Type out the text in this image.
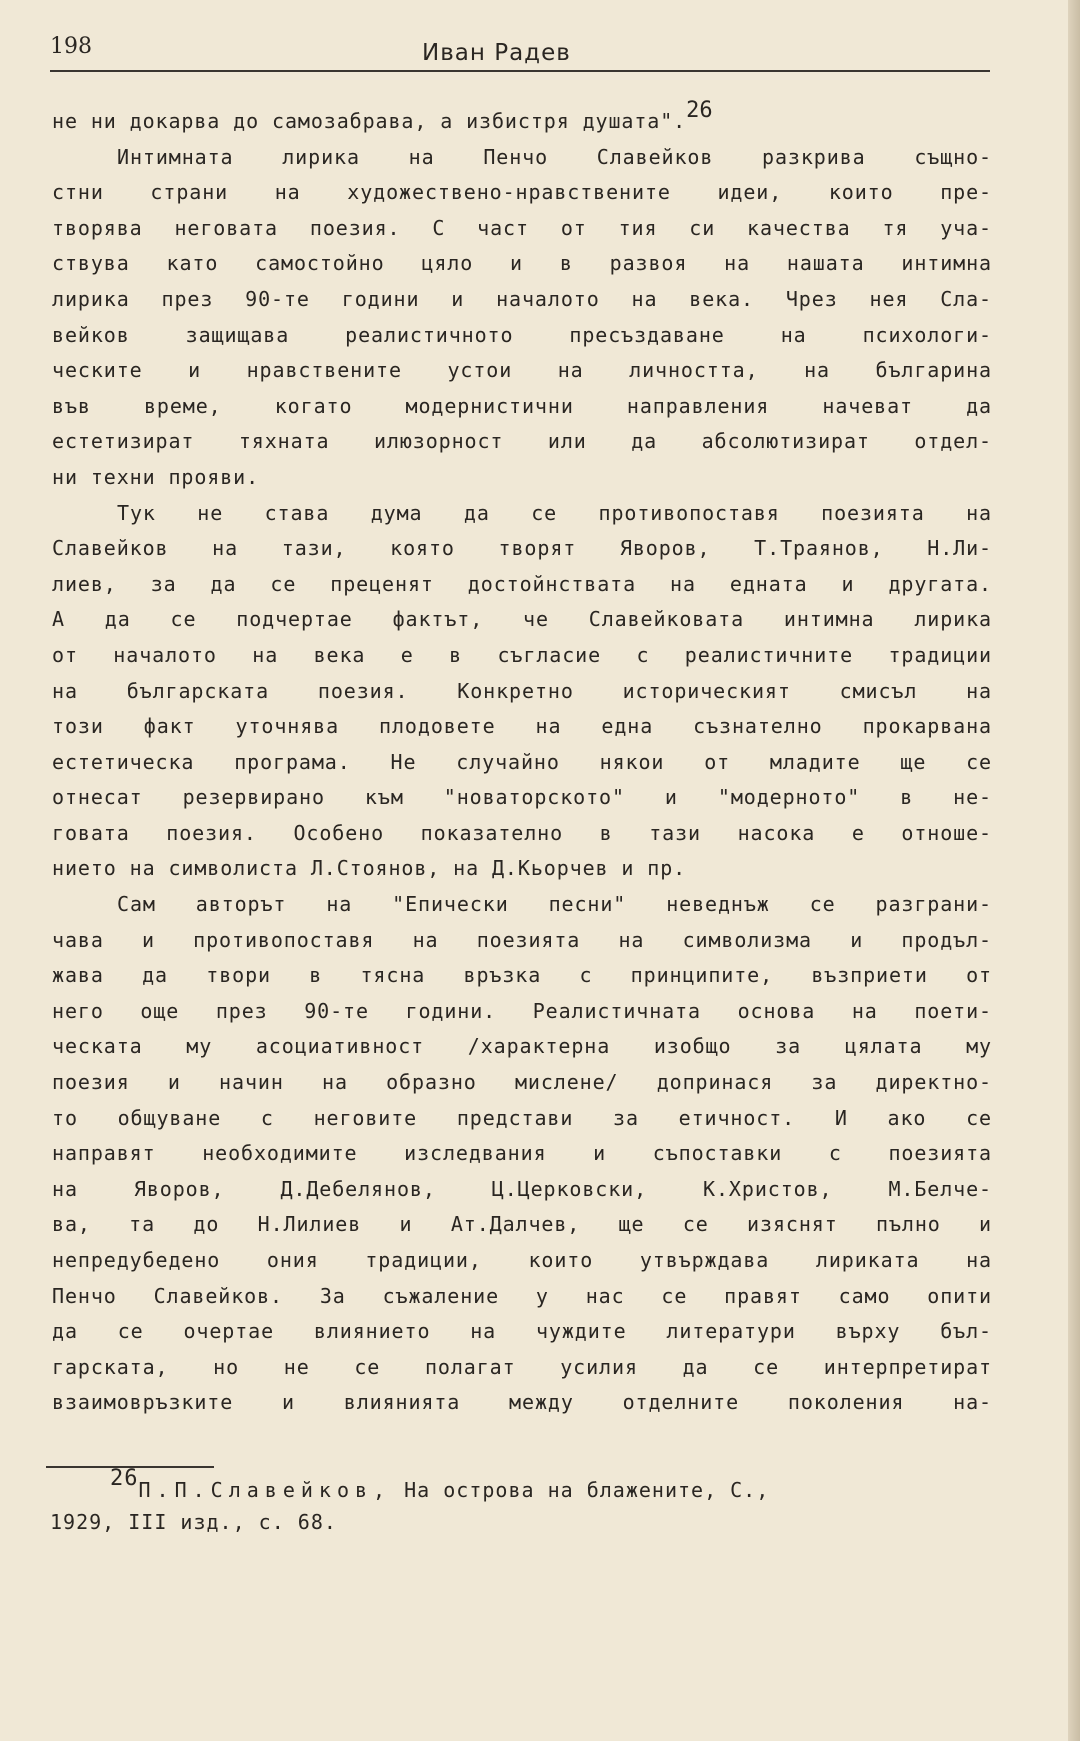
198	Иван Радев
не ни докарва до самозабрава, а избистря душата".26
Интимната лирика на Пенчо Славейков разкрива същно-
стни страни на художествено-нравствените идеи, които пре-
творява неговата поезия. С част от тия си качества тя уча-
ствува като самостойно цяло и в развоя на нашата интимна
лирика през 90-те години и началото на века. Чрез нея Сла-
вейков защищава реалистичното пресъздаване на психологи-
ческите и нравствените устои на личността, на българина
във време, когато модернистични направления начеват да
естетизират тяхната илюзорност или да абсолютизират отдел-
ни техни прояви.
Тук не става дума да се противопоставя поезията на
Славейков на тази, която творят Яворов, Т.Траянов, Н.Ли-
лиев, за да се преценят достойнствата на едната и другата.
А да се подчертае фактът, че Славейковата интимна лирика
от началото на века е в съгласие с реалистичните традиции
на българската поезия. Конкретно историческият смисъл на
този факт уточнява плодовете на една съзнателно прокарвана
естетическа програма. Не случайно някои от младите ще се
отнесат резервирано към "новаторското" и "модерното" в не-
говата поезия. Особено показателно в тази насока е отноше-
нието на символиста Л.Стоянов, на Д.Кьорчев и пр.
Сам авторът на "Епически песни" неведнъж се разграни-
чава и противопоставя на поезията на символизма и продъл-
жава да твори в тясна връзка с принципите, възприети от
него още през 90-те години. Реалистичната основа на поети-
ческата му асоциативност /характерна изобщо за цялата му
поезия и начин на образно мислене/ допринася за директно-
то общуване с неговите представи за етичност. И ако се
направят необходимите изследвания и съпоставки с поезията
на Яворов, Д.Дебелянов, Ц.Церковски, К.Христов, М.Белче-
ва, та до Н.Лилиев и Ат.Далчев, ще се изяснят пълно и
непредубедено ония традиции, които утвърждава лириката на
Пенчо Славейков. За съжаление у нас се правят само опити
да се очертае влиянието на чуждите литератури върху бъл-
гарската, но не се полагат усилия да се интерпретират
взаимовръзките и влиянията между отделните поколения на-
26П.П.Славейков, На острова на блажените, С.,
1929, III изд., с. 68.
